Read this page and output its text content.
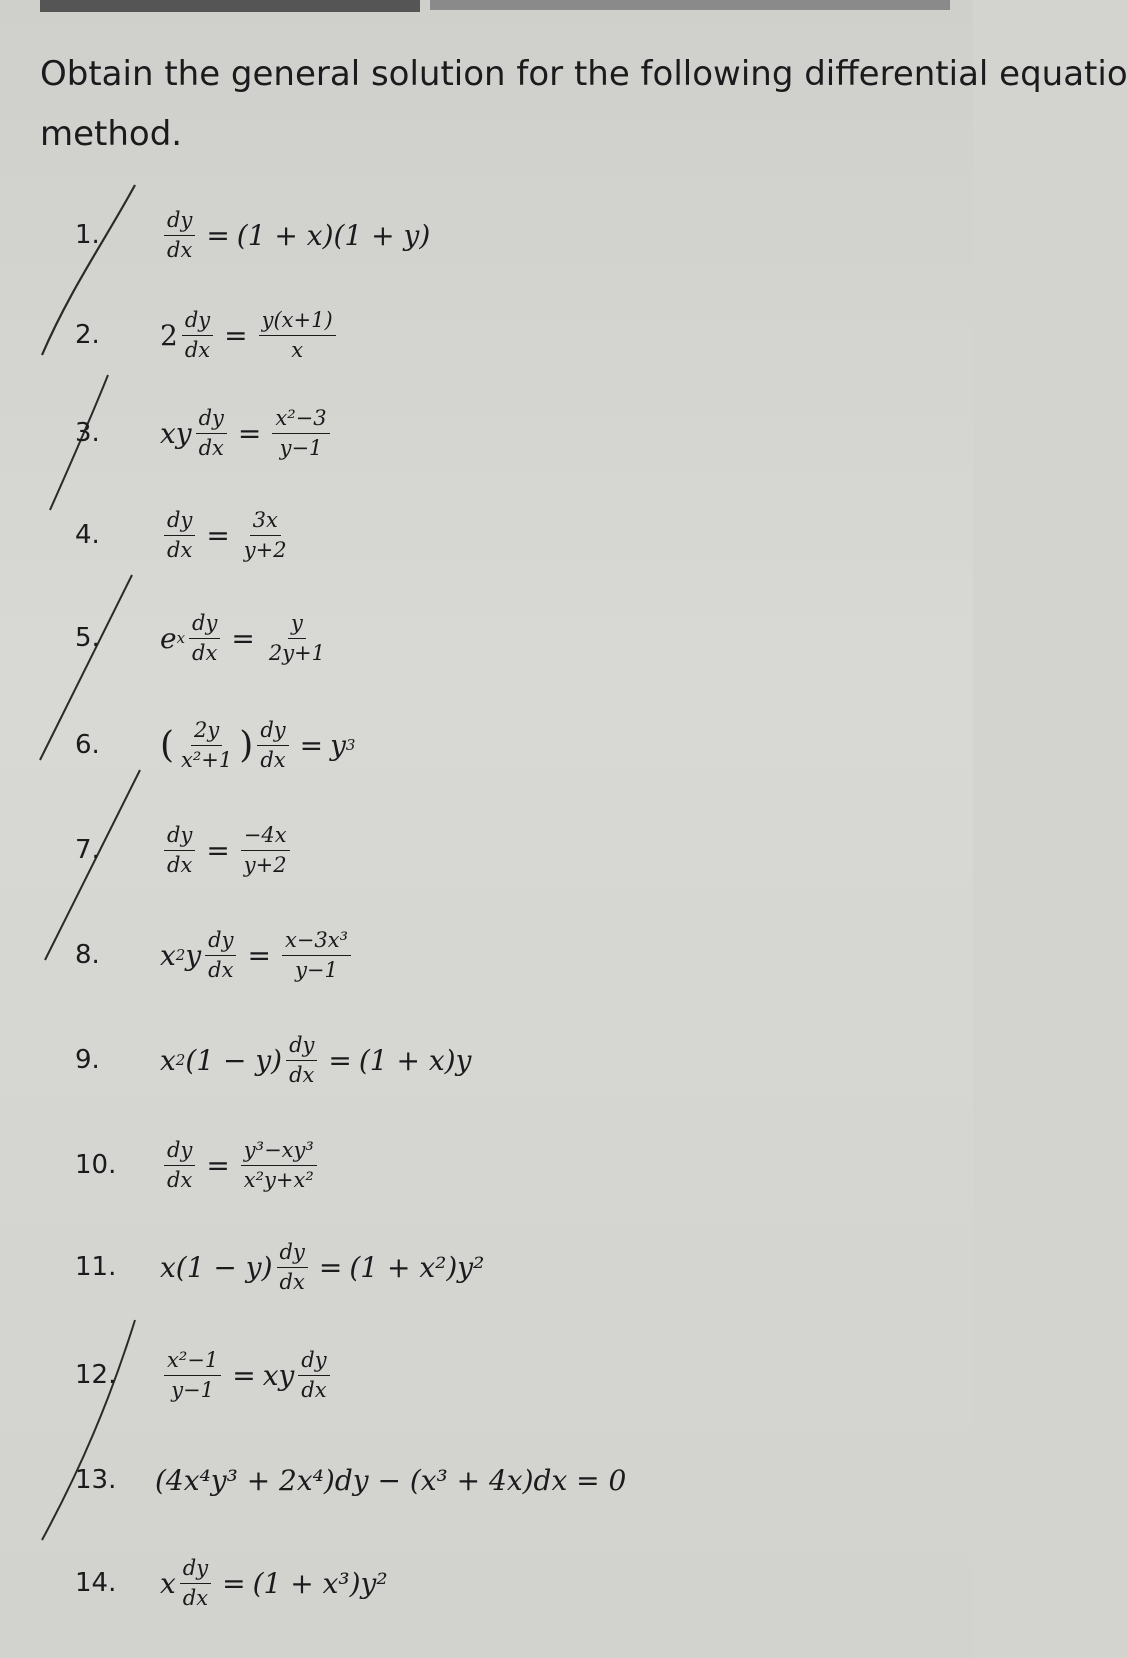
Obtain the general solution for the following differential equatio
method.
1.	$\frac{dy}{dx} = (1 + x)(1 + y)$
2.	$2 \frac{dy}{dx} = \frac{y(x+1)}{x}$
3.	xy $\frac{dy}{dx} = \frac{\text{x²−3}}{y-1}$
4.	$\frac{dy}{dx} = \frac{3x}{y+2}$
5.	e x $\frac{dy}{dx} = \frac{y}{2y+1}$
6.	( $\frac{2y}{\text{x²+1}}$ ) $\frac{dy}{dx} = y$ 3
7.	$\frac{dy}{dx} = \frac{-4x}{y+2}$
8.	x 2 y $\frac{dy}{dx} = \frac{\text{x−3x³}}{y-1}$
9.	x 2 $(1 - y) \frac{dy}{dx} = (1 + x)y$
10.	$\frac{dy}{dx} = \frac{\text{y³−xy³}}{\text{x²y+x²}}$
11.	$x(1 - y) \frac{dy}{dx} = (1 + x^2)y^2$
12.	$\frac{\text{x²−1}}{y-1}$ = xy $\frac{dy}{dx}$
13.	(4x⁴y³ + 2x⁴)dy − (x³ + 4x)dx = 0
14.	x $\frac{dy}{dx} = (1 + x^3)y^2$
